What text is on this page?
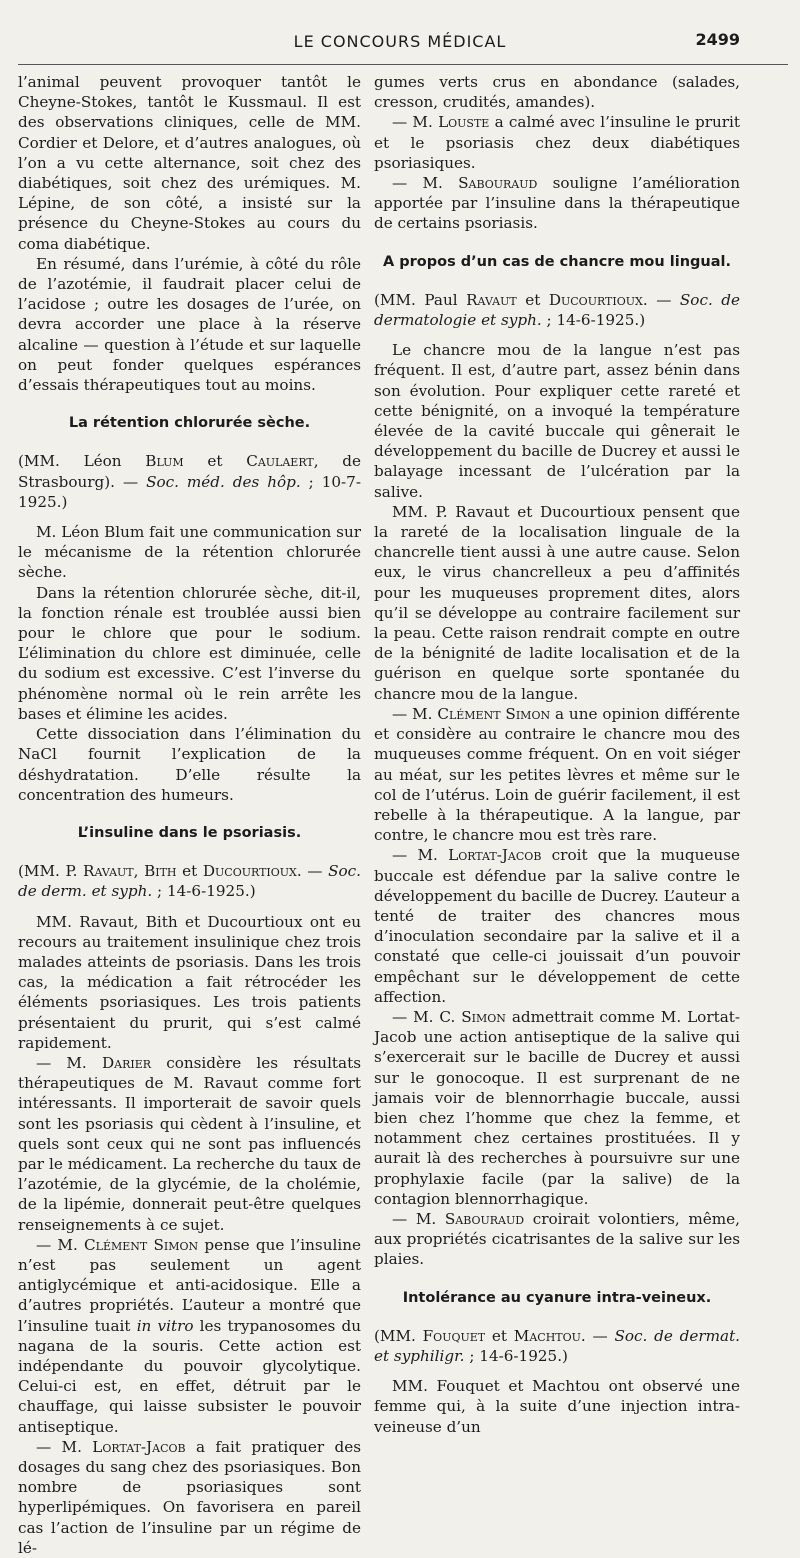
LE CONCOURS MÉDICAL	2499

l’animal peuvent provoquer tantôt le Cheyne-Stokes, tantôt le Kussmaul. Il est des observations cliniques, celle de MM. Cordier et Delore, et d’autres analogues, où l’on a vu cette alternance, soit chez des diabétiques, soit chez des urémiques. M. Lépine, de son côté, a insisté sur la présence du Cheyne-Stokes au cours du coma diabétique.

En résumé, dans l’urémie, à côté du rôle de l’azotémie, il faudrait placer celui de l’acidose ; outre les dosages de l’urée, on devra accorder une place à la réserve alcaline — question à l’étude et sur laquelle on peut fonder quelques espérances d’essais thérapeutiques tout au moins.

La rétention chlorurée sèche.

(MM. Léon Blum et Caulaert, de Strasbourg). — Soc. méd. des hôp. ; 10-7-1925.)

M. Léon Blum fait une communication sur le mécanisme de la rétention chlorurée sèche.

Dans la rétention chlorurée sèche, dit-il, la fonction rénale est troublée aussi bien pour le chlore que pour le sodium. L’élimination du chlore est diminuée, celle du sodium est excessive. C’est l’inverse du phénomène normal où le rein arrête les bases et élimine les acides.

Cette dissociation dans l’élimination du NaCl fournit l’explication de la déshydratation. D’elle résulte la concentration des humeurs.

L’insuline dans le psoriasis.

(MM. P. Ravaut, Bith et Ducourtioux. — Soc. de derm. et syph. ; 14-6-1925.)

MM. Ravaut, Bith et Ducourtioux ont eu recours au traitement insulinique chez trois malades atteints de psoriasis. Dans les trois cas, la médication a fait rétrocéder les éléments psoriasiques. Les trois patients présentaient du prurit, qui s’est calmé rapidement.

— M. Darier considère les résultats thérapeutiques de M. Ravaut comme fort intéressants. Il importerait de savoir quels sont les psoriasis qui cèdent à l’insuline, et quels sont ceux qui ne sont pas influencés par le médicament. La recherche du taux de l’azotémie, de la glycémie, de la cholémie, de la lipémie, donnerait peut-être quelques renseignements à ce sujet.

— M. Clément Simon pense que l’insuline n’est pas seulement un agent antiglycémique et anti-acidosique. Elle a d’autres propriétés. L’auteur a montré que l’insuline tuait in vitro les trypanosomes du nagana de la souris. Cette action est indépendante du pouvoir glycolytique. Celui-ci est, en effet, détruit par le chauffage, qui laisse subsister le pouvoir antiseptique.

— M. Lortat-Jacob a fait pratiquer des dosages du sang chez des psoriasiques. Bon nombre de psoriasiques sont hyperlipémiques. On favorisera en pareil cas l’action de l’insuline par un régime de lé-

gumes verts crus en abondance (salades, cresson, crudités, amandes).

— M. Louste a calmé avec l’insuline le prurit et le psoriasis chez deux diabétiques psoriasiques.

— M. Sabouraud souligne l’amélioration apportée par l’insuline dans la thérapeutique de certains psoriasis.

A propos d’un cas de chancre mou lingual.

(MM. Paul Ravaut et Ducourtioux. — Soc. de dermatologie et syph. ; 14-6-1925.)

Le chancre mou de la langue n’est pas fréquent. Il est, d’autre part, assez bénin dans son évolution. Pour expliquer cette rareté et cette bénignité, on a invoqué la température élevée de la cavité buccale qui gênerait le développement du bacille de Ducrey et aussi le balayage incessant de l’ulcération par la salive.

MM. P. Ravaut et Ducourtioux pensent que la rareté de la localisation linguale de la chancrelle tient aussi à une autre cause. Selon eux, le virus chancrelleux a peu d’affinités pour les muqueuses proprement dites, alors qu’il se développe au contraire facilement sur la peau. Cette raison rendrait compte en outre de la bénignité de ladite localisation et de la guérison en quelque sorte spontanée du chancre mou de la langue.

— M. Clément Simon a une opinion différente et considère au contraire le chancre mou des muqueuses comme fréquent. On en voit siéger au méat, sur les petites lèvres et même sur le col de l’utérus. Loin de guérir facilement, il est rebelle à la thérapeutique. A la langue, par contre, le chancre mou est très rare.

— M. Lortat-Jacob croit que la muqueuse buccale est défendue par la salive contre le développement du bacille de Ducrey. L’auteur a tenté de traiter des chancres mous d’inoculation secondaire par la salive et il a constaté que celle-ci jouissait d’un pouvoir empêchant sur le développement de cette affection.

— M. C. Simon admettrait comme M. Lortat-Jacob une action antiseptique de la salive qui s’exercerait sur le bacille de Ducrey et aussi sur le gonocoque. Il est surprenant de ne jamais voir de blennorrhagie buccale, aussi bien chez l’homme que chez la femme, et notamment chez certaines prostituées. Il y aurait là des recherches à poursuivre sur une prophylaxie facile (par la salive) de la contagion blennorrhagique.

— M. Sabouraud croirait volontiers, même, aux propriétés cicatrisantes de la salive sur les plaies.

Intolérance au cyanure intra-veineux.

(MM. Fouquet et Machtou. — Soc. de dermat. et syphiligr. ; 14-6-1925.)

MM. Fouquet et Machtou ont observé une femme qui, à la suite d’une injection intra-veineuse d’un
